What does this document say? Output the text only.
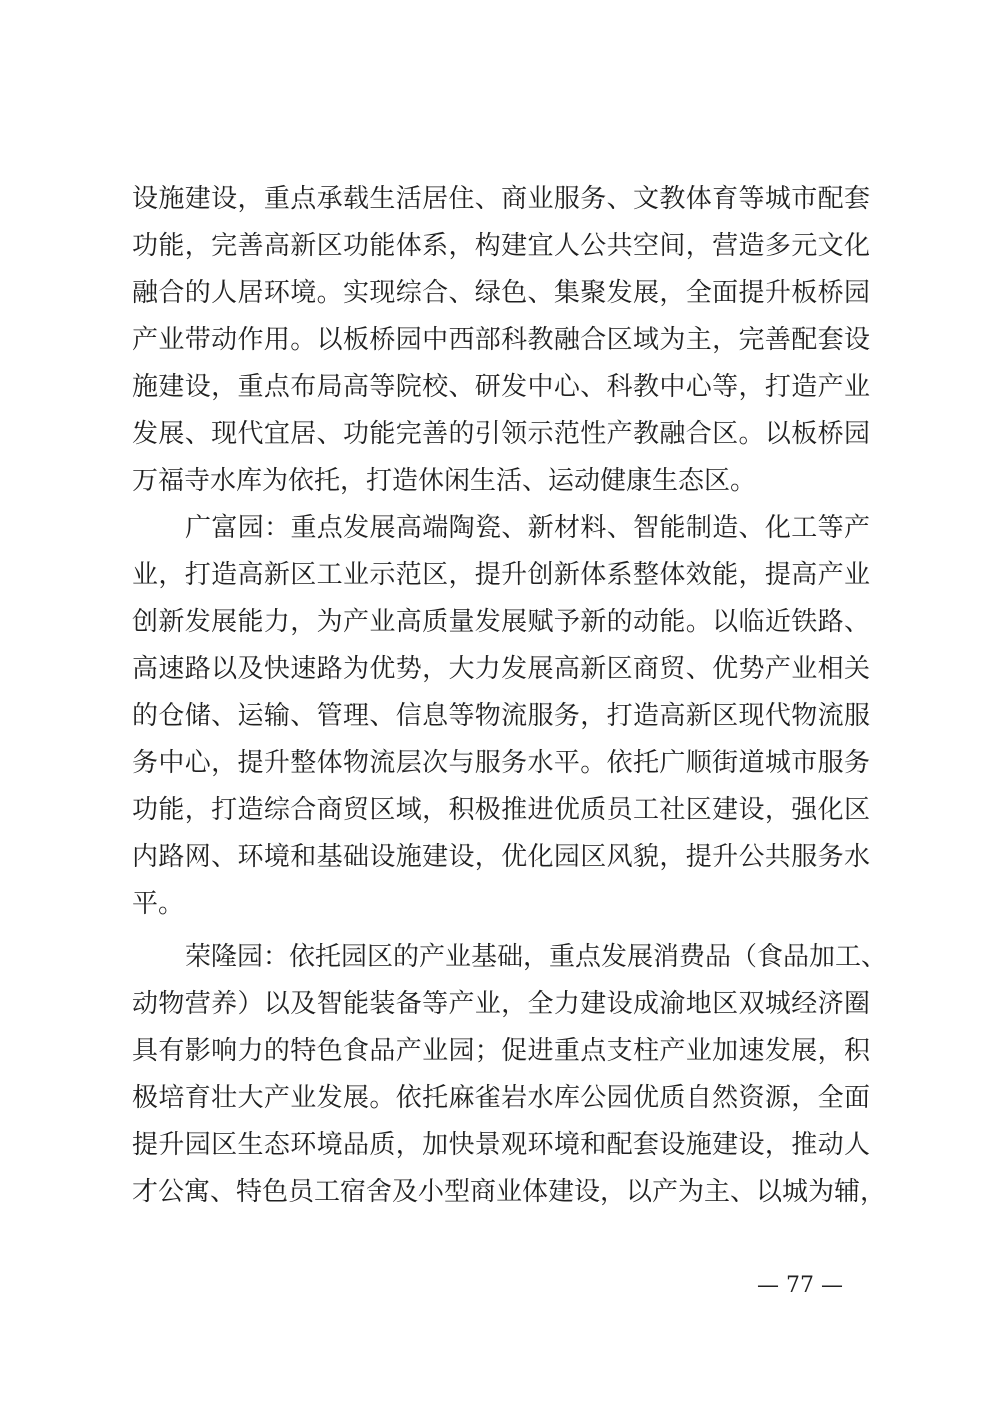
设施建设，重点承载生活居住、商业服务、文教体育等城市配套
功能，完善高新区功能体系，构建宜人公共空间，营造多元文化
融合的人居环境。实现综合、绿色、集聚发展，全面提升板桥园
产业带动作用。以板桥园中西部科教融合区域为主，完善配套设
施建设，重点布局高等院校、研发中心、科教中心等，打造产业
发展、现代宜居、功能完善的引领示范性产教融合区。以板桥园
万福寺水库为依托，打造休闲生活、运动健康生态区。
广富园：重点发展高端陶瓷、新材料、智能制造、化工等产
业，打造高新区工业示范区，提升创新体系整体效能，提高产业
创新发展能力，为产业高质量发展赋予新的动能。以临近铁路、
高速路以及快速路为优势，大力发展高新区商贸、优势产业相关
的仓储、运输、管理、信息等物流服务，打造高新区现代物流服
务中心，提升整体物流层次与服务水平。依托广顺街道城市服务
功能，打造综合商贸区域，积极推进优质员工社区建设，强化区
内路网、环境和基础设施建设，优化园区风貌，提升公共服务水
平。
荣隆园：依托园区的产业基础，重点发展消费品（食品加工、
动物营养）以及智能装备等产业，全力建设成渝地区双城经济圈
具有影响力的特色食品产业园；促进重点支柱产业加速发展，积
极培育壮大产业发展。依托麻雀岩水库公园优质自然资源，全面
提升园区生态环境品质，加快景观环境和配套设施建设，推动人
才公寓、特色员工宿舍及小型商业体建设，以产为主、以城为辅，
— 77 —
